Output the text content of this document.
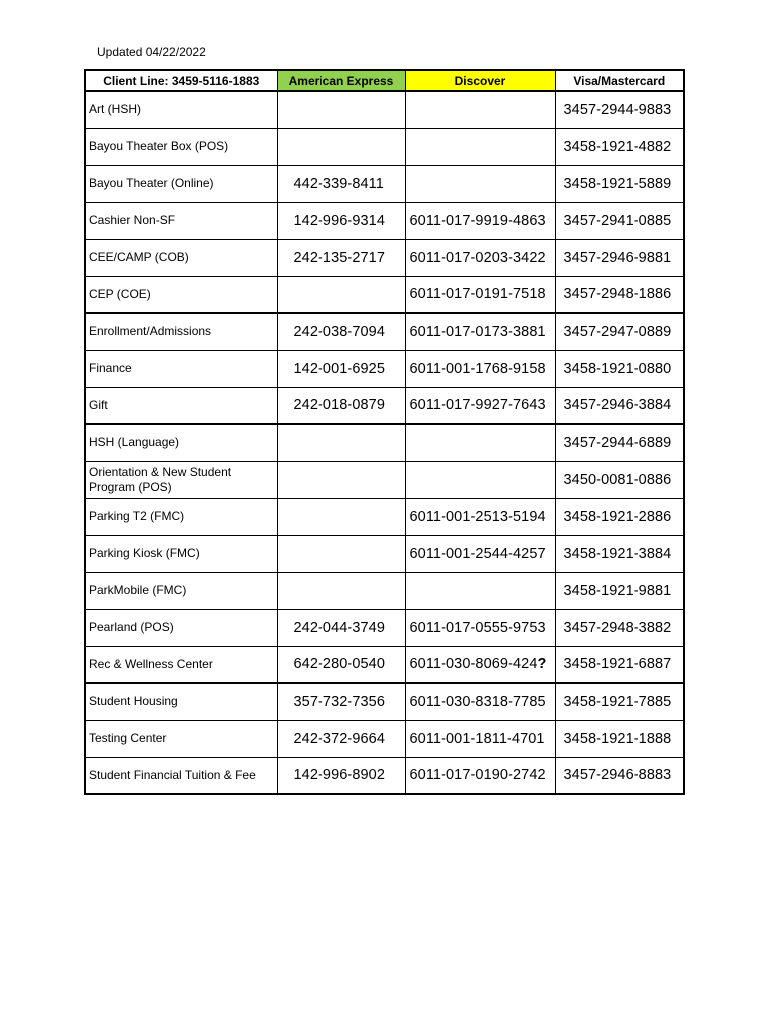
Updated 04/22/2022
Client Line: 3459-5116-1883	American Express	Discover	Visa/Mastercard
Art (HSH)			3457-2944-9883
Bayou Theater Box (POS)			3458-1921-4882
Bayou Theater (Online)	442-339-8411		3458-1921-5889
Cashier Non-SF	142-996-9314	6011-017-9919-4863	3457-2941-0885
CEE/CAMP (COB)	242-135-2717	6011-017-0203-3422	3457-2946-9881
CEP (COE)		6011-017-0191-7518	3457-2948-1886
Enrollment/Admissions	242-038-7094	6011-017-0173-3881	3457-2947-0889
Finance	142-001-6925	6011-001-1768-9158	3458-1921-0880
Gift	242-018-0879	6011-017-9927-7643	3457-2946-3884
HSH (Language)			3457-2944-6889
Orientation & New Student Program (POS)			3450-0081-0886
Parking T2 (FMC)		6011-001-2513-5194	3458-1921-2886
Parking Kiosk (FMC)		6011-001-2544-4257	3458-1921-3884
ParkMobile (FMC)			3458-1921-9881
Pearland (POS)	242-044-3749	6011-017-0555-9753	3457-2948-3882
Rec & Wellness Center	642-280-0540	6011-030-8069-424?	3458-1921-6887
Student Housing	357-732-7356	6011-030-8318-7785	3458-1921-7885
Testing Center	242-372-9664	6011-001-1811-4701	3458-1921-1888
Student Financial Tuition & Fee	142-996-8902	6011-017-0190-2742	3457-2946-8883
